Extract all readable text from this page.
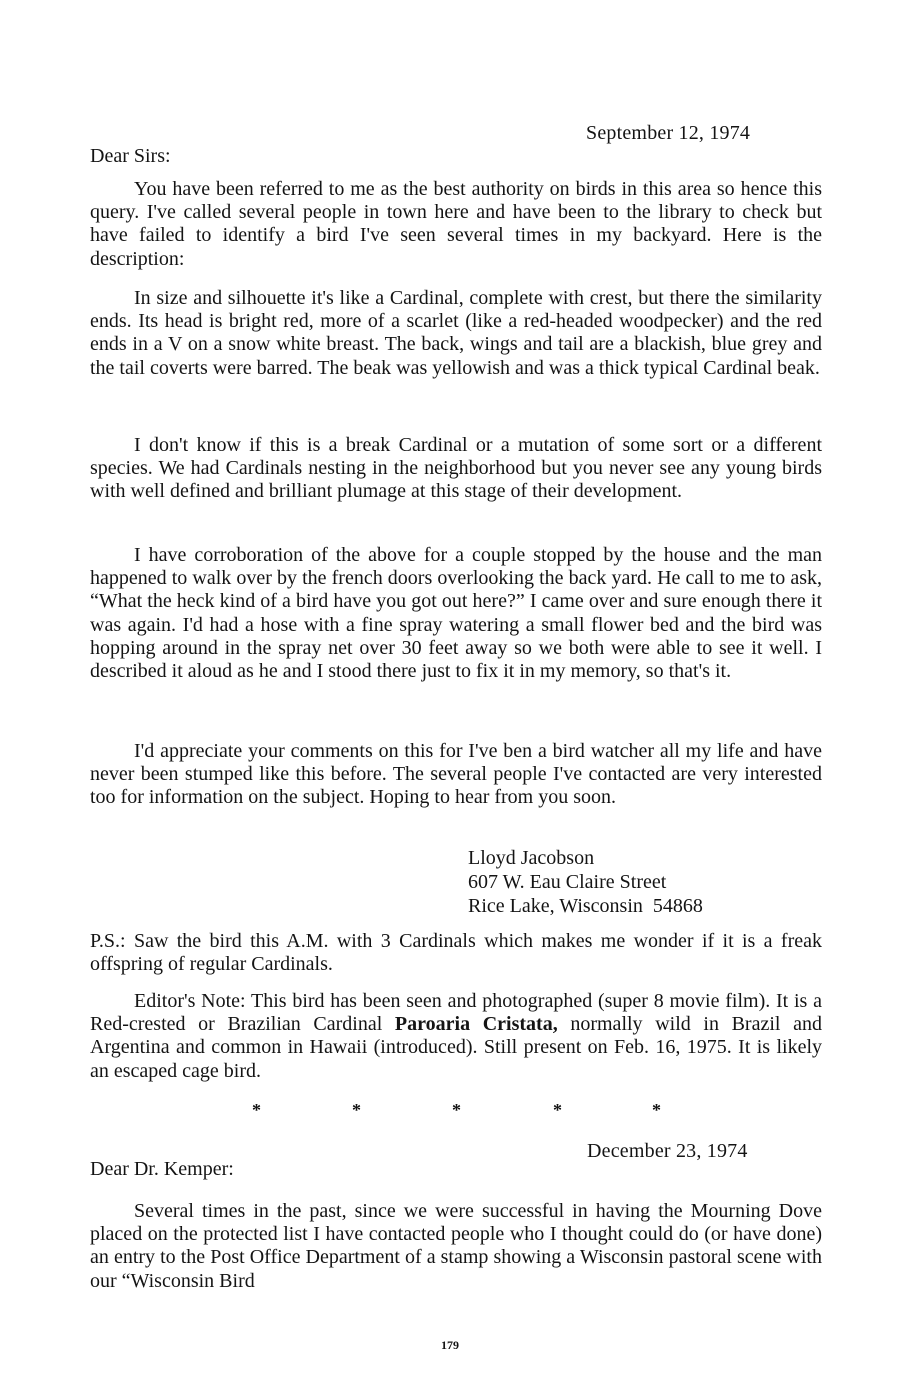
September 12, 1974
Dear Sirs:

You have been referred to me as the best authority on birds in this area so hence this query. I've called several people in town here and have been to the library to check but have failed to identify a bird I've seen several times in my backyard. Here is the description:

In size and silhouette it's like a Cardinal, complete with crest, but there the similarity ends. Its head is bright red, more of a scarlet (like a red-headed woodpecker) and the red ends in a V on a snow white breast. The back, wings and tail are a blackish, blue grey and the tail coverts were barred. The beak was yellowish and was a thick typical Cardinal beak.

I don't know if this is a break Cardinal or a mutation of some sort or a different species. We had Cardinals nesting in the neighborhood but you never see any young birds with well defined and brilliant plumage at this stage of their development.

I have corroboration of the above for a couple stopped by the house and the man happened to walk over by the french doors overlooking the back yard. He call to me to ask, “What the heck kind of a bird have you got out here?” I came over and sure enough there it was again. I'd had a hose with a fine spray watering a small flower bed and the bird was hopping around in the spray net over 30 feet away so we both were able to see it well. I described it aloud as he and I stood there just to fix it in my memory, so that's it.

I'd appreciate your comments on this for I've ben a bird watcher all my life and have never been stumped like this before. The several people I've contacted are very interested too for information on the subject. Hoping to hear from you soon.

Lloyd Jacobson
607 W. Eau Claire Street
Rice Lake, Wisconsin  54868

P.S.: Saw the bird this A.M. with 3 Cardinals which makes me wonder if it is a freak offspring of regular Cardinals.

Editor's Note: This bird has been seen and photographed (super 8 movie film). It is a Red-crested or Brazilian Cardinal Paroaria Cristata, normally wild in Brazil and Argentina and common in Hawaii (introduced). Still present on Feb. 16, 1975. It is likely an escaped cage bird.

*	*	*	*	*
December 23, 1974
Dear Dr. Kemper:

Several times in the past, since we were successful in having the Mourning Dove placed on the protected list I have contacted people who I thought could do (or have done) an entry to the Post Office Department of a stamp showing a Wisconsin pastoral scene with our “Wisconsin Bird

179
